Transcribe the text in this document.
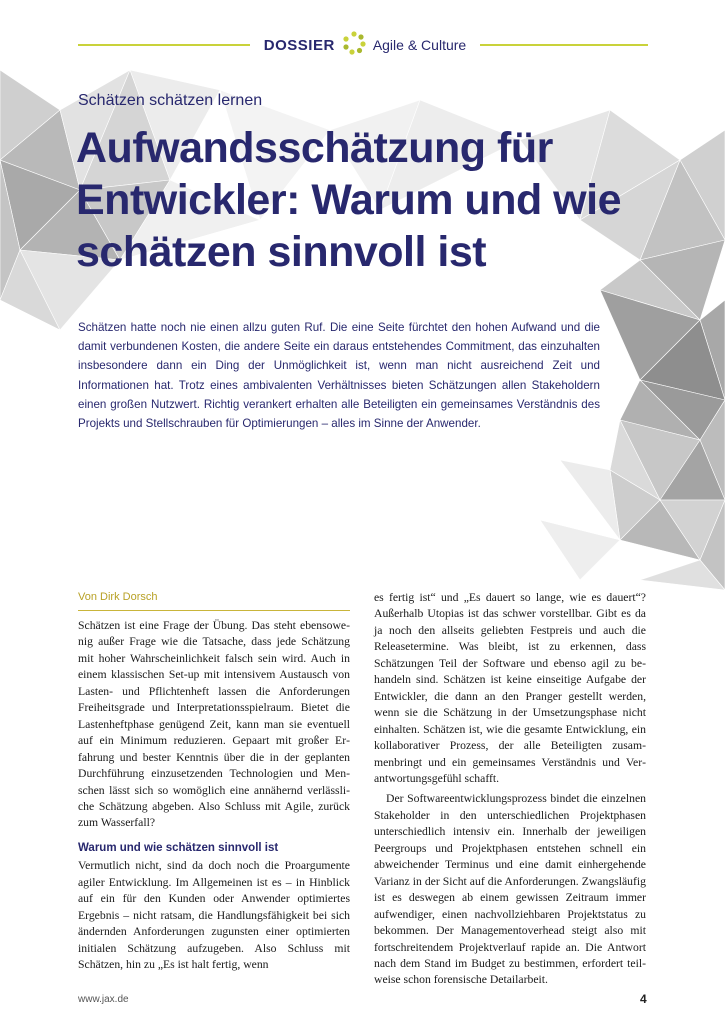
DOSSIER	Agile & Culture
Schätzen schätzen lernen
Aufwandsschätzung für Entwickler: Warum und wie schätzen sinnvoll ist

Schätzen hatte noch nie einen allzu guten Ruf. Die eine Seite fürchtet den hohen Aufwand und die damit verbundenen Kosten, die andere Seite ein daraus entstehendes Commitment, das einzuhalten insbesondere dann ein Ding der Unmöglichkeit ist, wenn man nicht ausreichend Zeit und Informationen hat. Trotz eines ambivalenten Verhältnisses bieten Schätzungen allen Stakeholdern einen großen Nutzwert. Richtig verankert erhalten alle Beteiligten ein gemeinsames Verständnis des Projekts und Stellschrauben für Optimierungen – alles im Sinne der Anwender.

Von Dirk Dorsch

Schätzen ist eine Frage der Übung. Das steht ebensowenig außer Frage wie die Tatsache, dass jede Schätzung mit hoher Wahrscheinlichkeit falsch sein wird. Auch in einem klassischen Set-up mit intensivem Austausch von Lasten- und Pflichtenheft lassen die Anforderungen Freiheitsgrade und Interpretationsspielraum. Bietet die Lastenheftphase genügend Zeit, kann man sie eventuell auf ein Minimum reduzieren. Gepaart mit großer Erfahrung und bester Kenntnis über die in der geplanten Durchführung einzusetzenden Technologien und Menschen lässt sich so womöglich eine annähernd verlässliche Schätzung abgeben. Also Schluss mit Agile, zurück zum Wasserfall?

Warum und wie schätzen sinnvoll ist

Vermutlich nicht, sind da doch noch die Proargumente agiler Entwicklung. Im Allgemeinen ist es – in Hinblick auf ein für den Kunden oder Anwender optimiertes Ergebnis – nicht ratsam, die Handlungsfähigkeit bei sich ändernden Anforderungen zugunsten einer optimierten initialen Schätzung aufzugeben. Also Schluss mit Schätzen, hin zu „Es ist halt fertig, wenn

es fertig ist“ und „Es dauert so lange, wie es dauert“? Außerhalb Utopias ist das schwer vorstellbar. Gibt es da ja noch den allseits geliebten Festpreis und auch die Releasetermine. Was bleibt, ist zu erkennen, dass Schätzungen Teil der Software und ebenso agil zu behandeln sind. Schätzen ist keine einseitige Aufgabe der Entwickler, die dann an den Pranger gestellt werden, wenn sie die Schätzung in der Umsetzungsphase nicht einhalten. Schätzen ist, wie die gesamte Entwicklung, ein kollaborativer Prozess, der alle Beteiligten zusammenbringt und ein gemeinsames Verständnis und Verantwortungsgefühl schafft.

Der Softwareentwicklungsprozess bindet die einzelnen Stakeholder in den unterschiedlichen Projektphasen unterschiedlich intensiv ein. Innerhalb der jeweiligen Peergroups und Projektphasen entstehen schnell ein abweichender Terminus und eine damit einhergehende Varianz in der Sicht auf die Anforderungen. Zwangsläufig ist es deswegen ab einem gewissen Zeitraum immer aufwendiger, einen nachvollziehbaren Projektstatus zu bekommen. Der Managementoverhead steigt also mit fortschreitendem Projektverlauf rapide an. Die Antwort nach dem Stand im Budget zu bestimmen, erfordert teilweise schon forensische Detailarbeit.

www.jax.de	4
